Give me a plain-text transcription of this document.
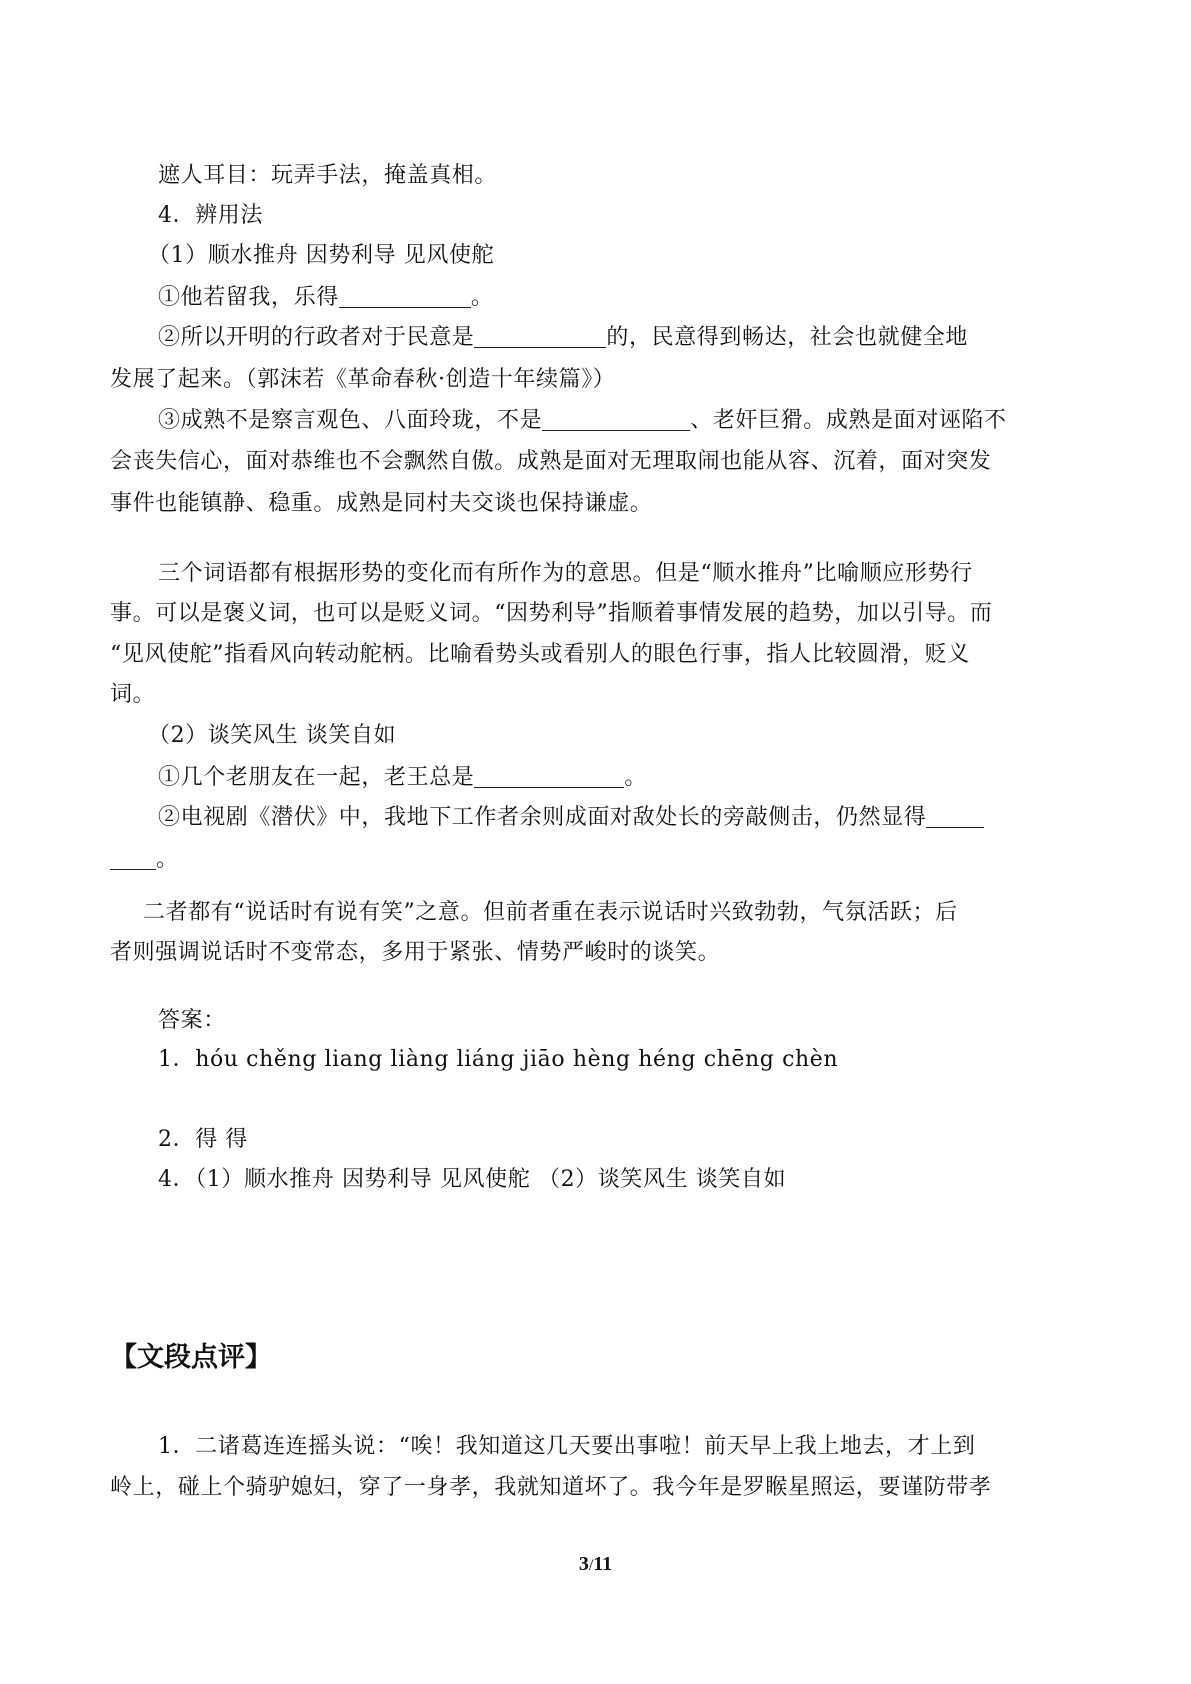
遮人耳目：玩弄手法，掩盖真相。
4．辨用法
（1）顺水推舟 因势利导 见风使舵
①他若留我，乐得	。
②所以开明的行政者对于民意是	的，民意得到畅达，社会也就健全地
发展了起来。（郭沫若《革命春秋·创造十年续篇》）
③成熟不是察言观色、八面玲珑，不是	、老奸巨猾。成熟是面对诬陷不
会丧失信心，面对恭维也不会飘然自傲。成熟是面对无理取闹也能从容、沉着，面对突发
事件也能镇静、稳重。成熟是同村夫交谈也保持谦虚。
三个词语都有根据形势的变化而有所作为的意思。但是“顺水推舟”比喻顺应形势行
事。可以是褒义词，也可以是贬义词。“因势利导”指顺着事情发展的趋势，加以引导。而
“见风使舵”指看风向转动舵柄。比喻看势头或看别人的眼色行事，指人比较圆滑，贬义
词。
（2）谈笑风生 谈笑自如
①几个老朋友在一起，老王总是	。
②电视剧《潜伏》中，我地下工作者余则成面对敌处长的旁敲侧击，仍然显得
。
二者都有“说话时有说有笑”之意。但前者重在表示说话时兴致勃勃，气氛活跃；后
者则强调说话时不变常态，多用于紧张、情势严峻时的谈笑。
答案：
1．hóu chěng liang liàng liáng jiāo hèng héng chēng chèn
2．得 得
4．（1）顺水推舟 因势利导 见风使舵 （2）谈笑风生 谈笑自如
【文段点评】
1．二诸葛连连摇头说：“唉！我知道这几天要出事啦！前天早上我上地去，才上到
岭上，碰上个骑驴媳妇，穿了一身孝，我就知道坏了。我今年是罗睺星照运，要谨防带孝
3/11
